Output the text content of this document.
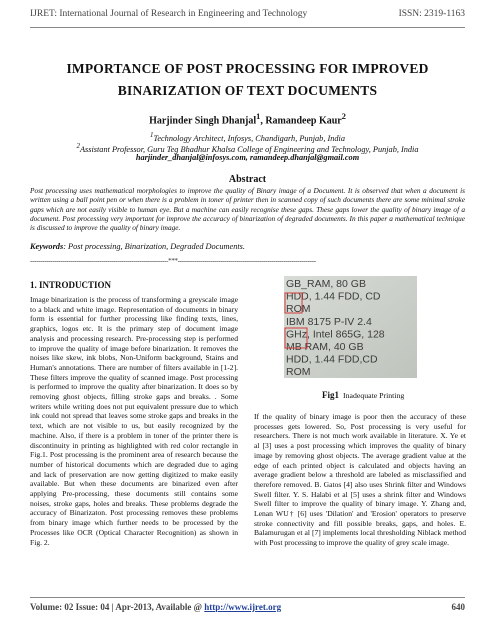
IJRET: International Journal of Research in Engineering and Technology	ISSN: 2319-1163
IMPORTANCE OF POST PROCESSING FOR IMPROVED
BINARIZATION OF TEXT DOCUMENTS
Harjinder Singh Dhanjal$^1$, Ramandeep Kaur$^2$
$^1$Technology Architect, Infosys, Chandigarh, Punjab, India
$^2$Assistant Professor, Guru Teg Bhadhur Khalsa College of Engineering and Technology, Punjab, India
harjinder_dhanjal@infosys.com, ramandeep.dhanjal@gmail.com
Abstract
Post processing uses mathematical morphologies to improve the quality of Binary image of a Document. It is observed that when a document is written using a ball point pen or when there is a problem in toner of printer then in scanned copy of such documents there are some minimal stroke gaps which are not easily visible to human eye. But a machine can easily recognise these gaps. These gaps lower the quality of binary image of a document. Post processing very important for improve the accuracy of binarization of degraded documents. In this paper a mathematical technique is discussed to improve the quality of binary image.
Keywords: Post processing, Binarization, Degraded Documents.
--------------------------------------------------------------------***--------------------------------------------------------------------
1. INTRODUCTION
Image binarization is the process of transforming a greyscale image to a black and white image. Representation of documents in binary form is essential for further processing like finding texts, lines, graphics, logos etc. It is the primary step of document image analysis and processing research. Pre-processing step is performed to improve the quality of image before binarization. It removes the noises like skew, ink blobs, Non-Uniform background, Stains and Human's annotations. There are number of filters available in [1-2]. These filters improve the quality of scanned image. Post processing is performed to improve the quality after binarization. It does so by removing ghost objects, filling stroke gaps and breaks. . Some writers while writing does not put equivalent pressure due to which ink could not spread that leaves some stroke gaps and breaks in the text, which are not visible to us, but easily recognized by the machine. Also, if there is a problem in toner of the printer there is discontinuity in printing as highlighted with red color rectangle in Fig.1. Post processing is the prominent area of research because the number of historical documents which are degraded due to aging and lack of preservation are now getting digitized to make easily available. But when these documents are binarized even after applying Pre-processing, these documents still contains some noises, stroke gaps, holes and breaks. These problems degrade the accuracy of Binarizaton. Post processing removes these problems from binary image which further needs to be processed by the Processes like OCR (Optical Character Recognition) as shown in Fig. 2.
GB_RAM, 80 GB
HDD, 1.44 FDD, CD
ROM
IBM 8175 P-IV 2.4
GHz, Intel 865G, 128
MB RAM, 40 GB
HDD, 1.44 FDD,CD
ROM
Fig1 Inadequate Printing
If the quality of binary image is poor then the accuracy of these processes gets lowered. So, Post processing is very useful for researchers. There is not much work available in literature. X. Ye et al [3] uses a post processing which improves the quality of binary image by removing ghost objects. The average gradient value at the edge of each printed object is calculated and objects having an average gradient below a threshold are labeled as misclassified and therefore removed. B. Gatos [4] also uses Shrink filter and Windows Swell filter. Y. S. Halabi et al [5] uses a shrink filter and Windows Swell filter to improve the quality of binary image. Y. Zhang and, Lenan WU† [6] uses 'Dilation' and 'Erosion' operators to preserve stroke connectivity and fill possible breaks, gaps, and holes. E. Balamurugan et al [7] implements local thresholding Niblack method with Post processing to improve the quality of grey scale image.
Volume: 02 Issue: 04 | Apr-2013, Available @ http://www.ijret.org	640
